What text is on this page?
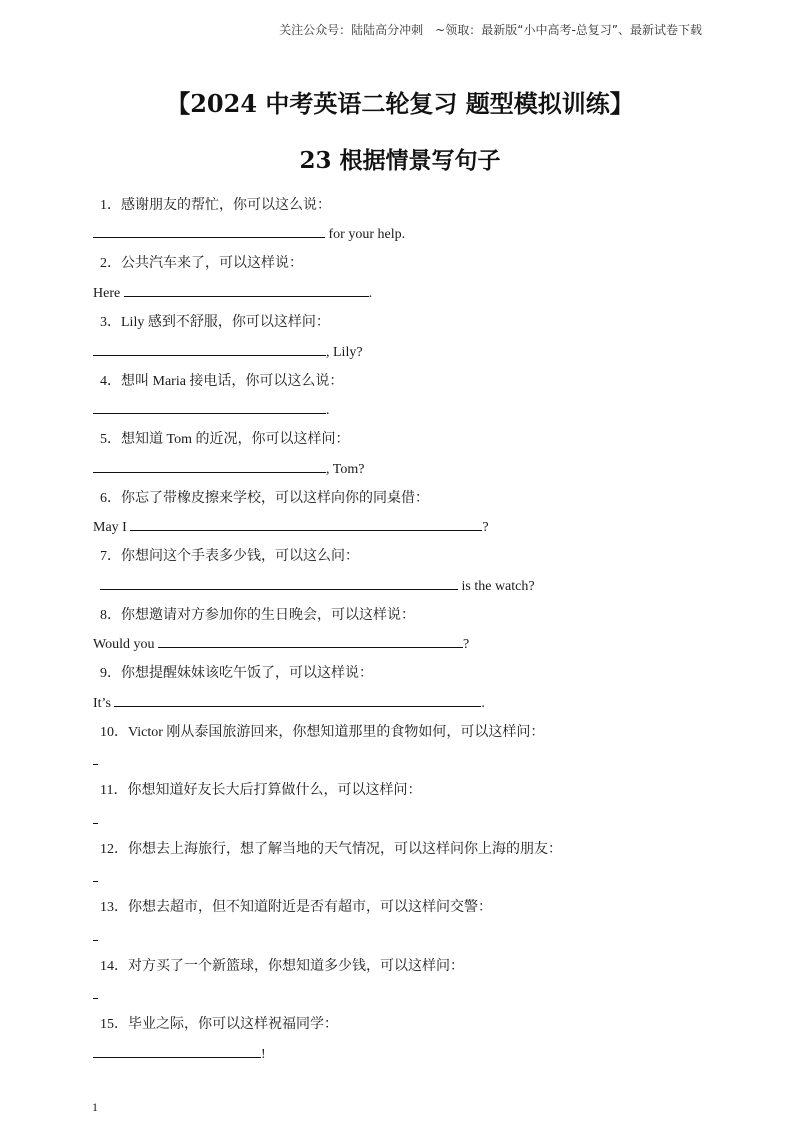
关注公众号：陆陆高分冲刺　~领取：最新版“小中高考-总复习”、最新试卷下载
【2024 中考英语二轮复习 题型模拟训练】
23 根据情景写句子
1．感谢朋友的帮忙，你可以这么说：
for your help.
2．公共汽车来了，可以这样说：
Here	.
3．Lily 感到不舒服，你可以这样问：
, Lily?
4．想叫 Maria 接电话，你可以这么说：
.
5．想知道 Tom 的近况，你可以这样问：
, Tom?
6．你忘了带橡皮擦来学校，可以这样向你的同桌借：
May I	?
7．你想问这个手表多少钱，可以这么问：
is the watch?
8．你想邀请对方参加你的生日晚会，可以这样说：
Would you	?
9．你想提醒妹妹该吃午饭了，可以这样说：
It’s	.
10．Victor 刚从泰国旅游回来，你想知道那里的食物如何，可以这样问：
11．你想知道好友长大后打算做什么，可以这样问：
12．你想去上海旅行，想了解当地的天气情况，可以这样问你上海的朋友：
13．你想去超市，但不知道附近是否有超市，可以这样问交警：
14．对方买了一个新篮球，你想知道多少钱，可以这样问：
15．毕业之际，你可以这样祝福同学：
!
1
